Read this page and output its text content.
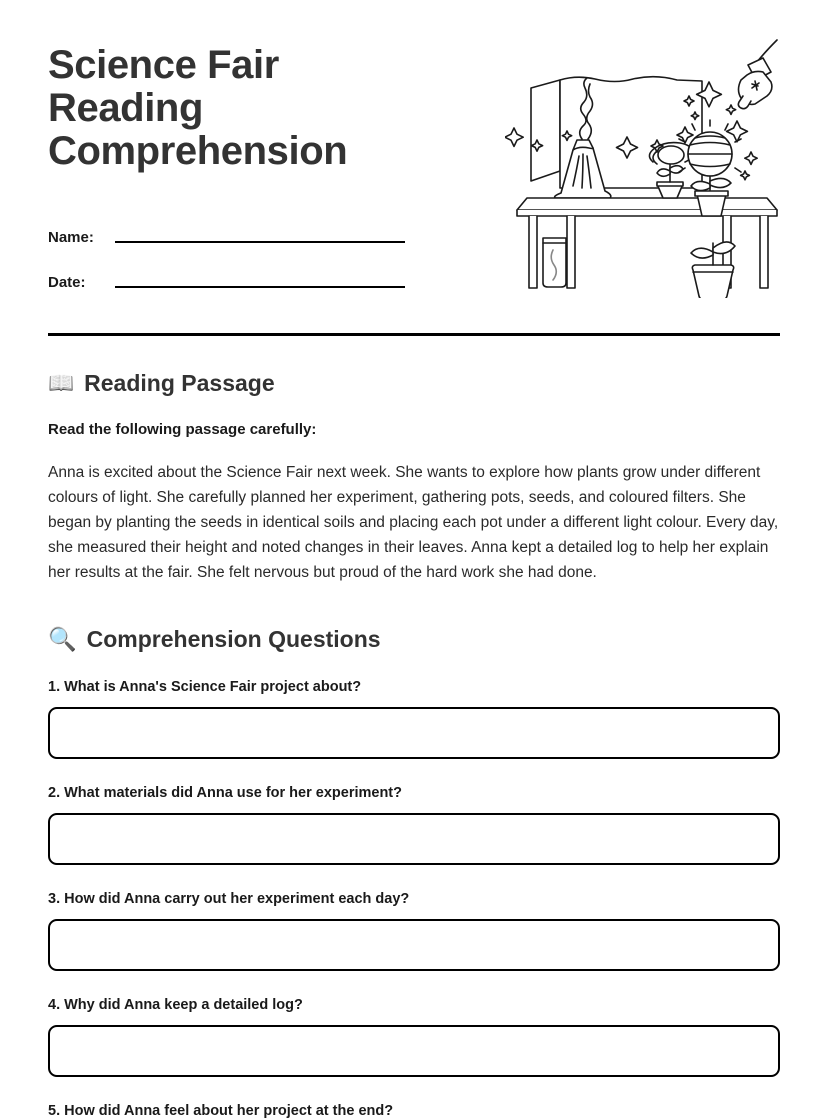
Science Fair Reading Comprehension
Name:
Date:
📖 Reading Passage
Read the following passage carefully:
Anna is excited about the Science Fair next week. She wants to explore how plants grow under different colours of light. She carefully planned her experiment, gathering pots, seeds, and coloured filters. She began by planting the seeds in identical soils and placing each pot under a different light colour. Every day, she measured their height and noted changes in their leaves. Anna kept a detailed log to help her explain her results at the fair. She felt nervous but proud of the hard work she had done.
🔍 Comprehension Questions
1. What is Anna's Science Fair project about?
2. What materials did Anna use for her experiment?
3. How did Anna carry out her experiment each day?
4. Why did Anna keep a detailed log?
5. How did Anna feel about her project at the end?
